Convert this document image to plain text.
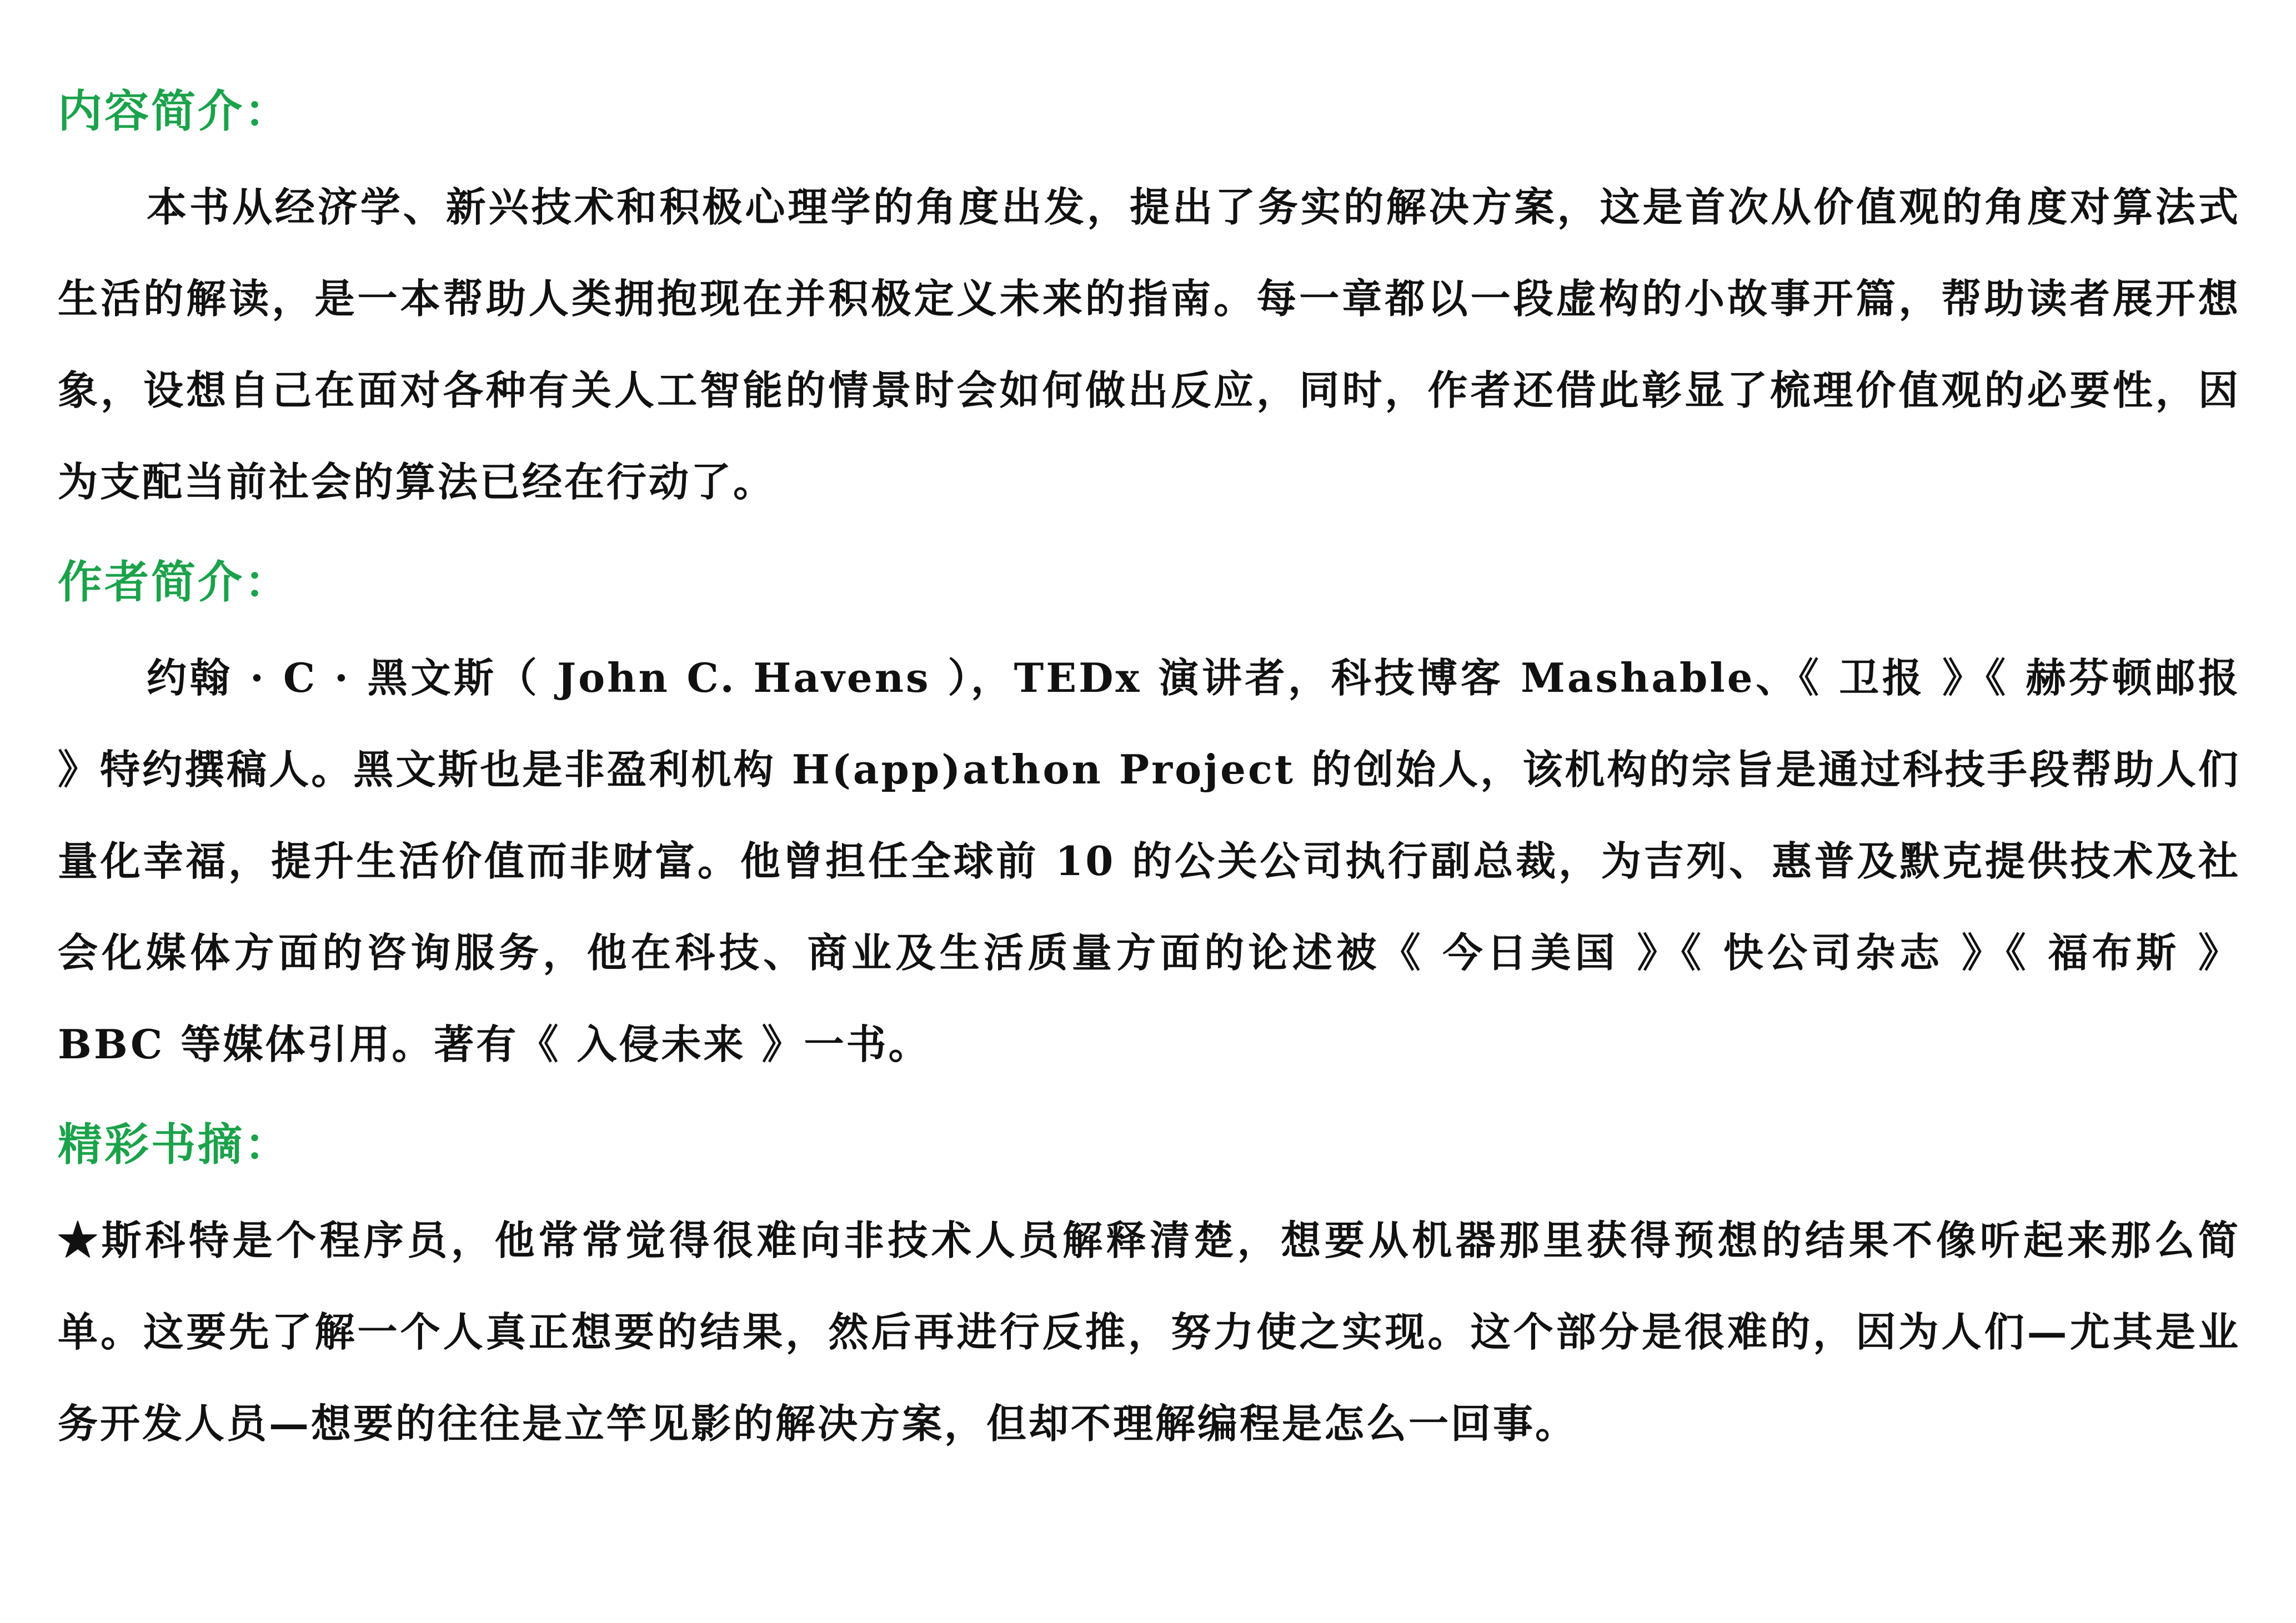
内容简介：

本书从经济学、新兴技术和积极心理学的角度出发，提出了务实的解决方案，这是首次从价值观的角度对算法式生活的解读，是一本帮助人类拥抱现在并积极定义未来的指南。每一章都以一段虚构的小故事开篇，帮助读者展开想象，设想自己在面对各种有关人工智能的情景时会如何做出反应，同时，作者还借此彰显了梳理价值观的必要性，因为支配当前社会的算法已经在行动了。

作者简介：

约翰 · C · 黑文斯（ John C. Havens ），TEDx 演讲者，科技博客 Mashable、《 卫报 》《 赫芬顿邮报 》特约撰稿人。黑文斯也是非盈利机构 H(app)athon Project 的创始人，该机构的宗旨是通过科技手段帮助人们量化幸福，提升生活价值而非财富。他曾担任全球前 10 的公关公司执行副总裁，为吉列、惠普及默克提供技术及社会化媒体方面的咨询服务，他在科技、商业及生活质量方面的论述被《 今日美国 》《 快公司杂志 》《 福布斯 》 BBC 等媒体引用。著有《 入侵未来 》一书。

精彩书摘：

★斯科特是个程序员，他常常觉得很难向非技术人员解释清楚，想要从机器那里获得预想的结果不像听起来那么简单。这要先了解一个人真正想要的结果，然后再进行反推，努力使之实现。这个部分是很难的，因为人们—尤其是业务开发人员—想要的往往是立竿见影的解决方案，但却不理解编程是怎么一回事。
